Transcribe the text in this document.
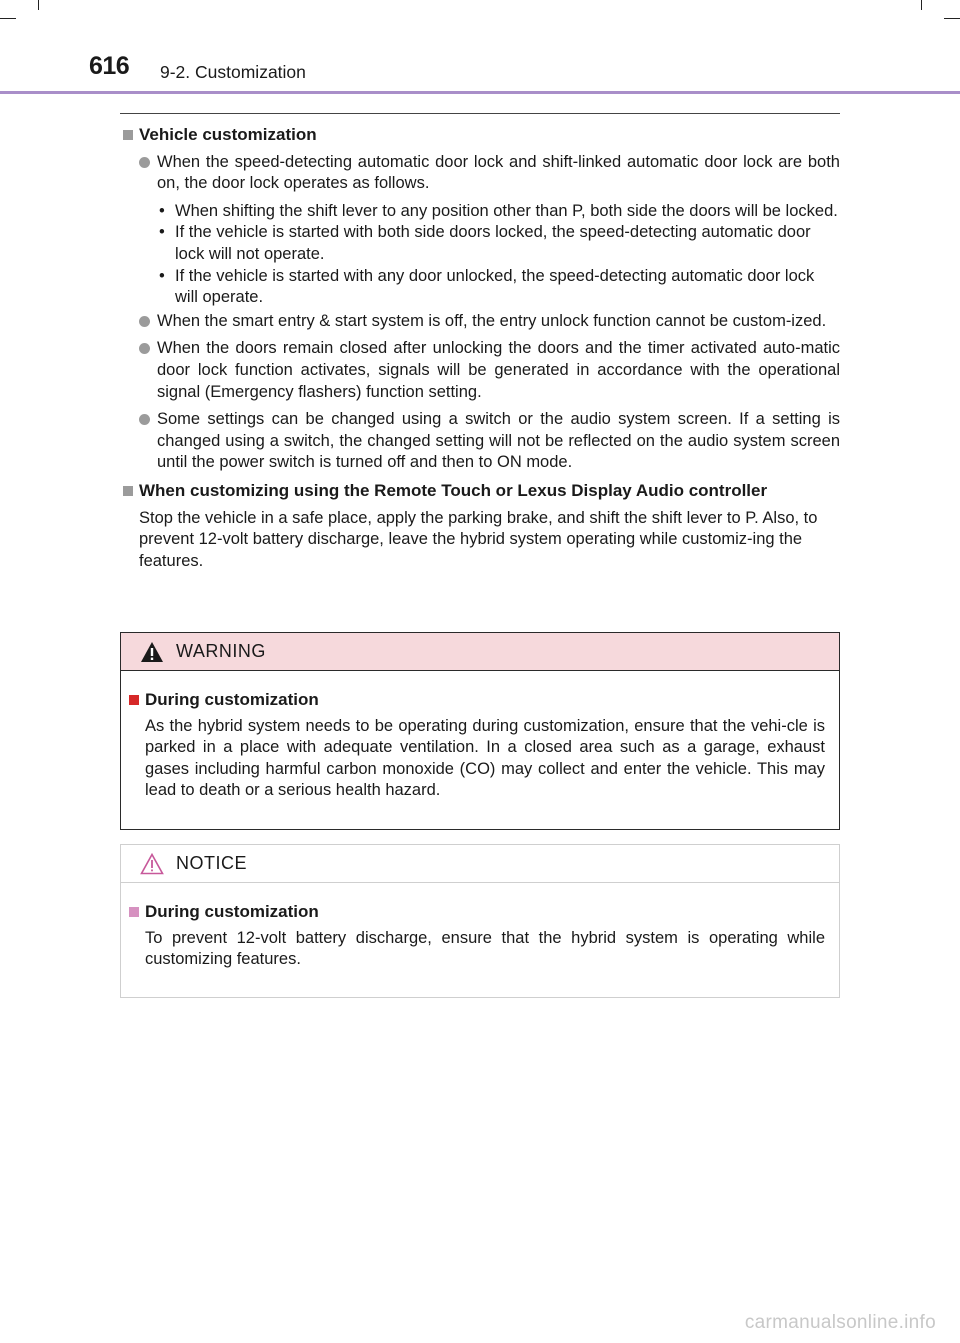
616 9-2. Customization
Vehicle customization
When the speed-detecting automatic door lock and shift-linked automatic door lock are both on, the door lock operates as follows.
• When shifting the shift lever to any position other than P, both side the doors will be locked.
• If the vehicle is started with both side doors locked, the speed-detecting automatic door lock will not operate.
• If the vehicle is started with any door unlocked, the speed-detecting automatic door lock will operate.
When the smart entry & start system is off, the entry unlock function cannot be custom-ized.
When the doors remain closed after unlocking the doors and the timer activated auto-matic door lock function activates, signals will be generated in accordance with the operational signal (Emergency flashers) function setting.
Some settings can be changed using a switch or the audio system screen. If a setting is changed using a switch, the changed setting will not be reflected on the audio system screen until the power switch is turned off and then to ON mode.
When customizing using the Remote Touch or Lexus Display Audio controller
Stop the vehicle in a safe place, apply the parking brake, and shift the shift lever to P. Also, to prevent 12-volt battery discharge, leave the hybrid system operating while customiz-ing the features.
WARNING
During customization
As the hybrid system needs to be operating during customization, ensure that the vehi-cle is parked in a place with adequate ventilation. In a closed area such as a garage, exhaust gases including harmful carbon monoxide (CO) may collect and enter the vehicle. This may lead to death or a serious health hazard.
NOTICE
During customization
To prevent 12-volt battery discharge, ensure that the hybrid system is operating while customizing features.
carmanualsonline.info
